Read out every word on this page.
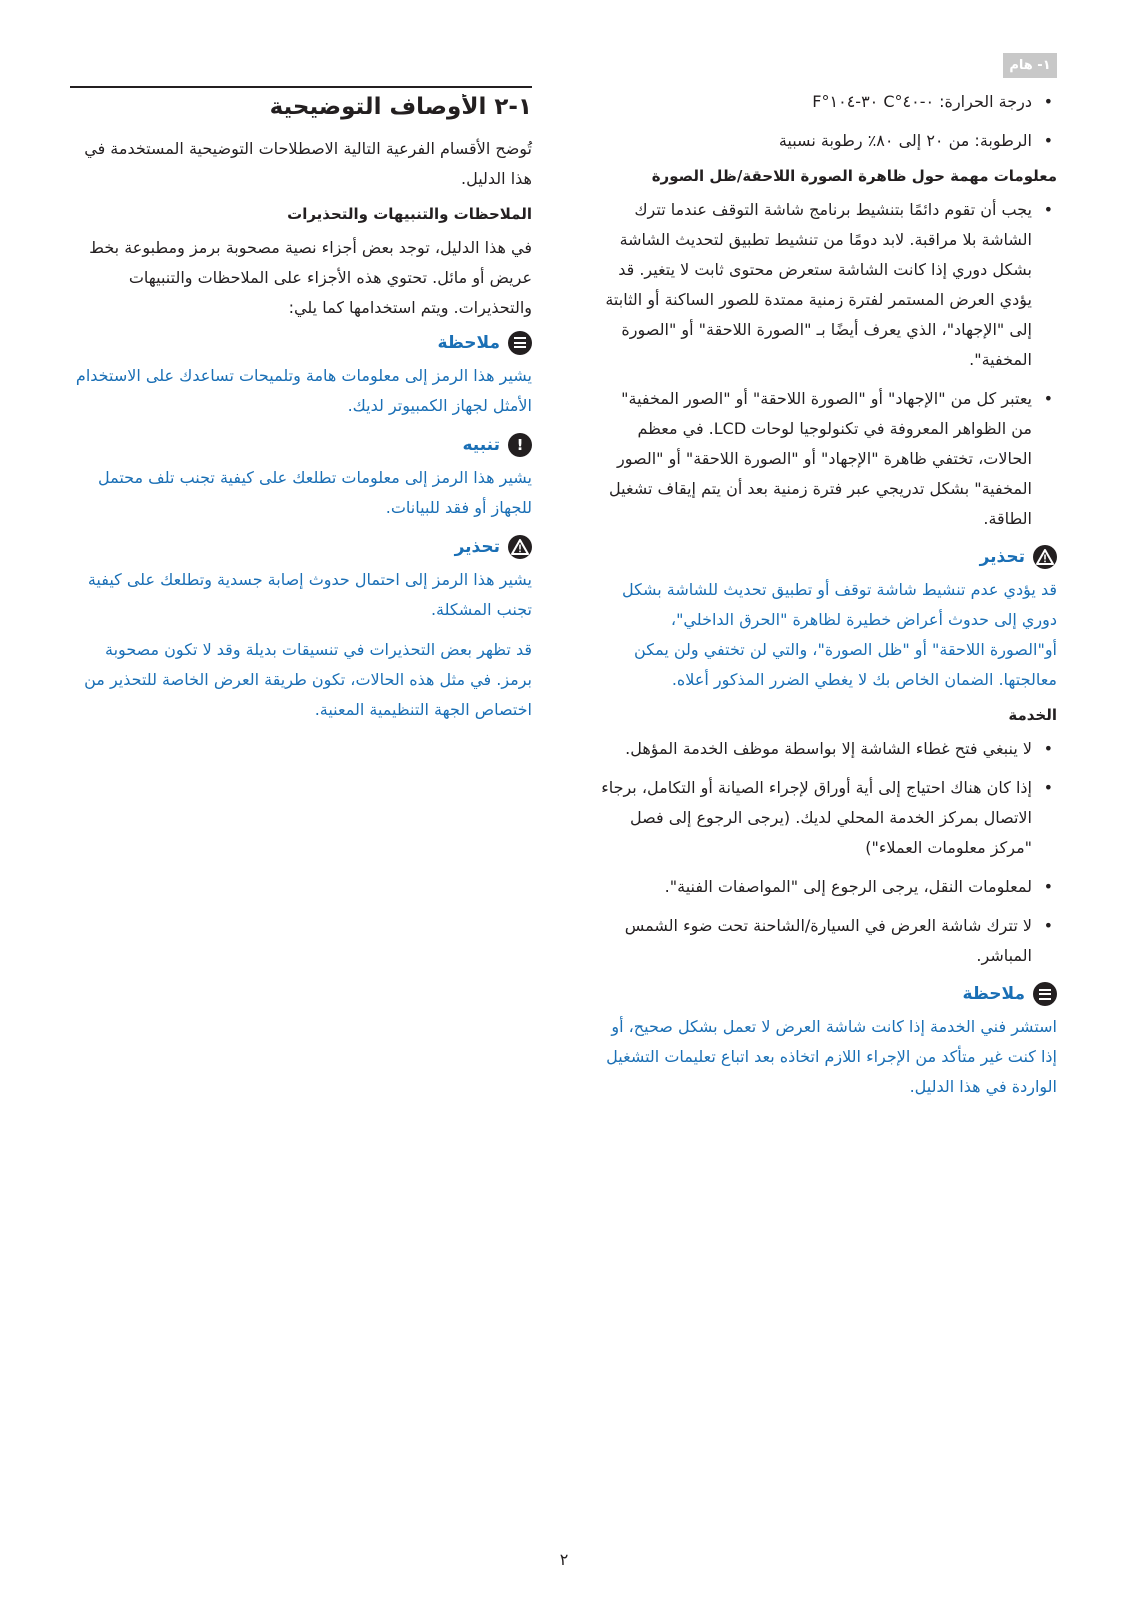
١- هام
• درجة الحرارة: ٠-٤٠°C ٣٠-١٠٤°F
• الرطوبة: من ٢٠ إلى ٨٠٪ رطوبة نسبية
معلومات مهمة حول ظاهرة الصورة اللاحقة/ظل الصورة
• يجب أن تقوم دائمًا بتنشيط برنامج شاشة التوقف عندما تترك الشاشة بلا مراقبة. لابد دومًا من تنشيط تطبيق لتحديث الشاشة بشكل دوري إذا كانت الشاشة ستعرض محتوى ثابت لا يتغير. قد يؤدي العرض المستمر لفترة زمنية ممتدة للصور الساكنة أو الثابتة إلى "الإجهاد"، الذي يعرف أيضًا بـ "الصورة اللاحقة" أو "الصورة المخفية".
• يعتبر كل من "الإجهاد" أو "الصورة اللاحقة" أو "الصور المخفية" من الظواهر المعروفة في تكنولوجيا لوحات LCD. في معظم الحالات، تختفي ظاهرة "الإجهاد" أو "الصورة اللاحقة" أو "الصور المخفية" بشكل تدريجي عبر فترة زمنية بعد أن يتم إيقاف تشغيل الطاقة.
تحذير
قد يؤدي عدم تنشيط شاشة توقف أو تطبيق تحديث للشاشة بشكل دوري إلى حدوث أعراض خطيرة لظاهرة "الحرق الداخلي"، أو"الصورة اللاحقة" أو "ظل الصورة"، والتي لن تختفي ولن يمكن معالجتها. الضمان الخاص بك لا يغطي الضرر المذكور أعلاه.
الخدمة
• لا ينبغي فتح غطاء الشاشة إلا بواسطة موظف الخدمة المؤهل.
• إذا كان هناك احتياج إلى أية أوراق لإجراء الصيانة أو التكامل، برجاء الاتصال بمركز الخدمة المحلي لديك. (يرجى الرجوع إلى فصل "مركز معلومات العملاء")
• لمعلومات النقل، يرجى الرجوع إلى "المواصفات الفنية".
• لا تترك شاشة العرض في السيارة/الشاحنة تحت ضوء الشمس المباشر.
ملاحظة
استشر فني الخدمة إذا كانت شاشة العرض لا تعمل بشكل صحيح، أو إذا كنت غير متأكد من الإجراء اللازم اتخاذه بعد اتباع تعليمات التشغيل الواردة في هذا الدليل.
١-٢ الأوصاف التوضيحية
تُوضح الأقسام الفرعية التالية الاصطلاحات التوضيحية المستخدمة في هذا الدليل.
الملاحظات والتنبيهات والتحذيرات
في هذا الدليل، توجد بعض أجزاء نصية مصحوبة برمز ومطبوعة بخط عريض أو مائل. تحتوي هذه الأجزاء على الملاحظات والتنبيهات والتحذيرات. ويتم استخدامها كما يلي:
ملاحظة
يشير هذا الرمز إلى معلومات هامة وتلميحات تساعدك على الاستخدام الأمثل لجهاز الكمبيوتر لديك.
!
تنبيه
يشير هذا الرمز إلى معلومات تطلعك على كيفية تجنب تلف محتمل للجهاز أو فقد للبيانات.
تحذير
يشير هذا الرمز إلى احتمال حدوث إصابة جسدية وتطلعك على كيفية تجنب المشكلة.
قد تظهر بعض التحذيرات في تنسيقات بديلة وقد لا تكون مصحوبة برمز. في مثل هذه الحالات، تكون طريقة العرض الخاصة للتحذير من اختصاص الجهة التنظيمية المعنية.
٢
